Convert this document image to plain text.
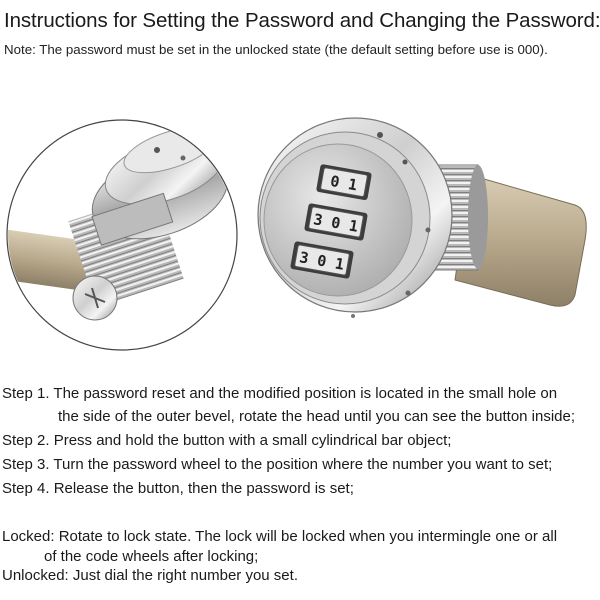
Instructions for Setting the Password and Changing the Password:
Note: The password must be set in the unlocked state (the default setting before use is 000).
0 1
3 0 1
3 0 1
Step 1. The password reset and the modified position is located in the small hole on
the side of the outer bevel, rotate the head until you can see the button inside;
Step 2. Press and hold the button with a small cylindrical bar object;
Step 3. Turn the password wheel to the position where the number you want to set;
Step 4. Release the button, then the password is set;
Locked: Rotate to lock state. The lock will be locked when you intermingle one or all
of the code wheels after locking;
Unlocked: Just dial the right number you set.
